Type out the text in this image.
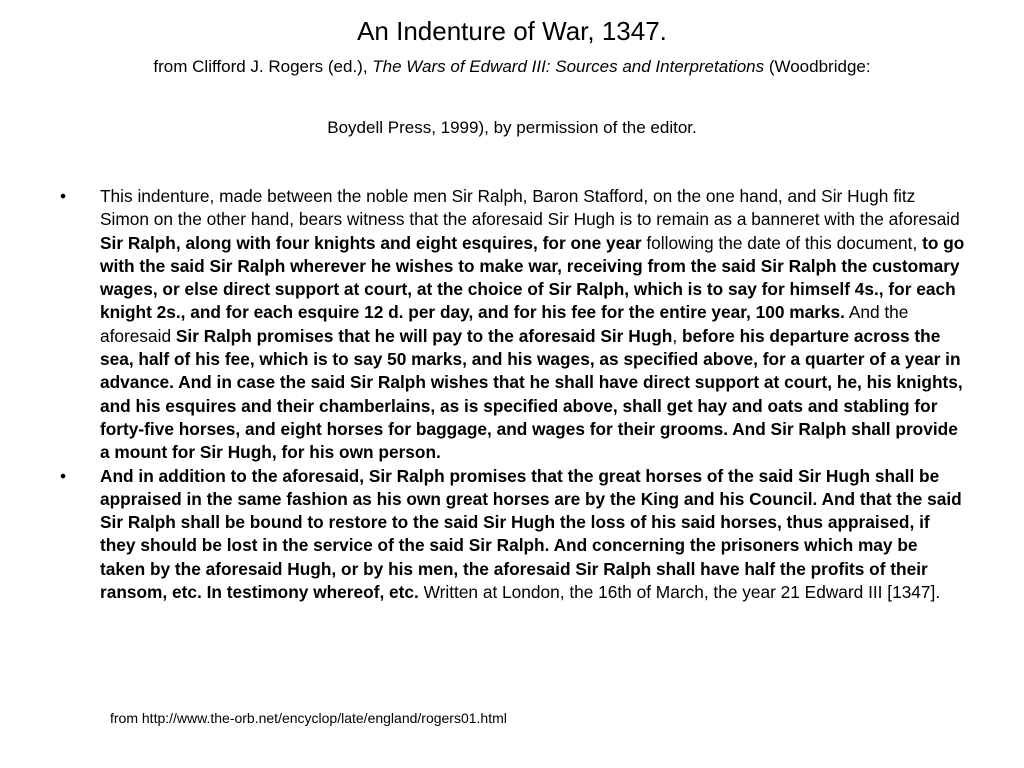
An Indenture of War, 1347.
from Clifford J. Rogers (ed.), The Wars of Edward III: Sources and Interpretations (Woodbridge:
Boydell Press, 1999), by permission of the editor.
• This indenture, made between the noble men Sir Ralph, Baron Stafford, on the one hand, and Sir Hugh fitz Simon on the other hand, bears witness that the aforesaid Sir Hugh is to remain as a banneret with the aforesaid Sir Ralph, along with four knights and eight esquires, for one year following the date of this document, to go with the said Sir Ralph wherever he wishes to make war, receiving from the said Sir Ralph the customary wages, or else direct support at court, at the choice of Sir Ralph, which is to say for himself 4s., for each knight 2s., and for each esquire 12 d. per day, and for his fee for the entire year, 100 marks. And the aforesaid Sir Ralph promises that he will pay to the aforesaid Sir Hugh, before his departure across the sea, half of his fee, which is to say 50 marks, and his wages, as specified above, for a quarter of a year in advance. And in case the said Sir Ralph wishes that he shall have direct support at court, he, his knights, and his esquires and their chamberlains, as is specified above, shall get hay and oats and stabling for forty-five horses, and eight horses for baggage, and wages for their grooms. And Sir Ralph shall provide a mount for Sir Hugh, for his own person.
• And in addition to the aforesaid, Sir Ralph promises that the great horses of the said Sir Hugh shall be appraised in the same fashion as his own great horses are by the King and his Council. And that the said Sir Ralph shall be bound to restore to the said Sir Hugh the loss of his said horses, thus appraised, if they should be lost in the service of the said Sir Ralph. And concerning the prisoners which may be taken by the aforesaid Hugh, or by his men, the aforesaid Sir Ralph shall have half the profits of their ransom, etc. In testimony whereof, etc. Written at London, the 16th of March, the year 21 Edward III [1347].
from http://www.the-orb.net/encyclop/late/england/rogers01.html
